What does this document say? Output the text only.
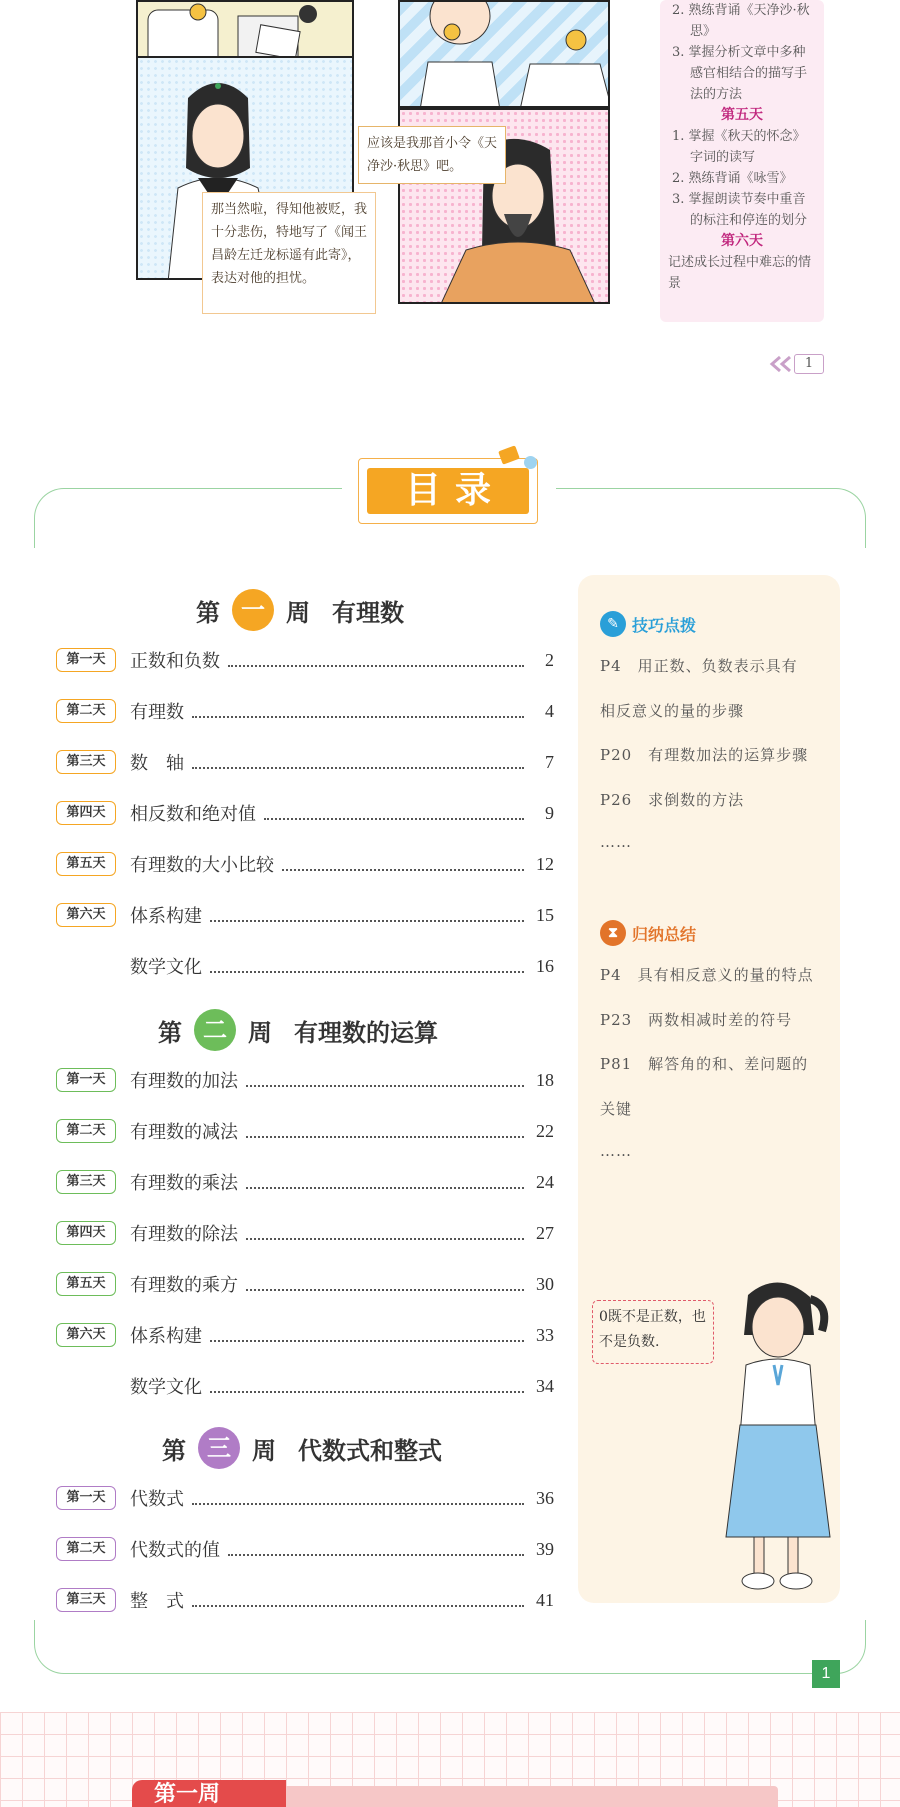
那当然啦，得知他被贬，我十分悲伤，特地写了《闻王昌龄左迁龙标遥有此寄》，表达对他的担忧。
应该是我那首小令《天净沙·秋思》吧。
2. 熟练背诵《天净沙·秋思》
3. 掌握分析文章中多种感官相结合的描写手法的方法
第五天
1. 掌握《秋天的怀念》字词的读写
2. 熟练背诵《咏雪》
3. 掌握朗读节奏中重音的标注和停连的划分
第六天
记述成长过程中难忘的情景
1
目录
第 一 周 有理数
第一天	正数和负数	2
第二天	有理数	4
第三天	数　轴	7
第四天	相反数和绝对值	9
第五天	有理数的大小比较	12
第六天	体系构建	15
数学文化	16
第 二 周 有理数的运算
第一天	有理数的加法	18
第二天	有理数的减法	22
第三天	有理数的乘法	24
第四天	有理数的除法	27
第五天	有理数的乘方	30
第六天	体系构建	33
数学文化	34
第 三 周 代数式和整式
第一天	代数式	36
第二天	代数式的值	39
第三天	整　式	41
✎ 技巧点拨
P4　用正数、负数表示具有
相反意义的量的步骤
P20　有理数加法的运算步骤
P26　求倒数的方法
……
⧗ 归纳总结
P4　具有相反意义的量的特点
P23　两数相减时差的符号
P81　解答角的和、差问题的
关键
……
0既不是正数，也不是负数.
1
第一周
